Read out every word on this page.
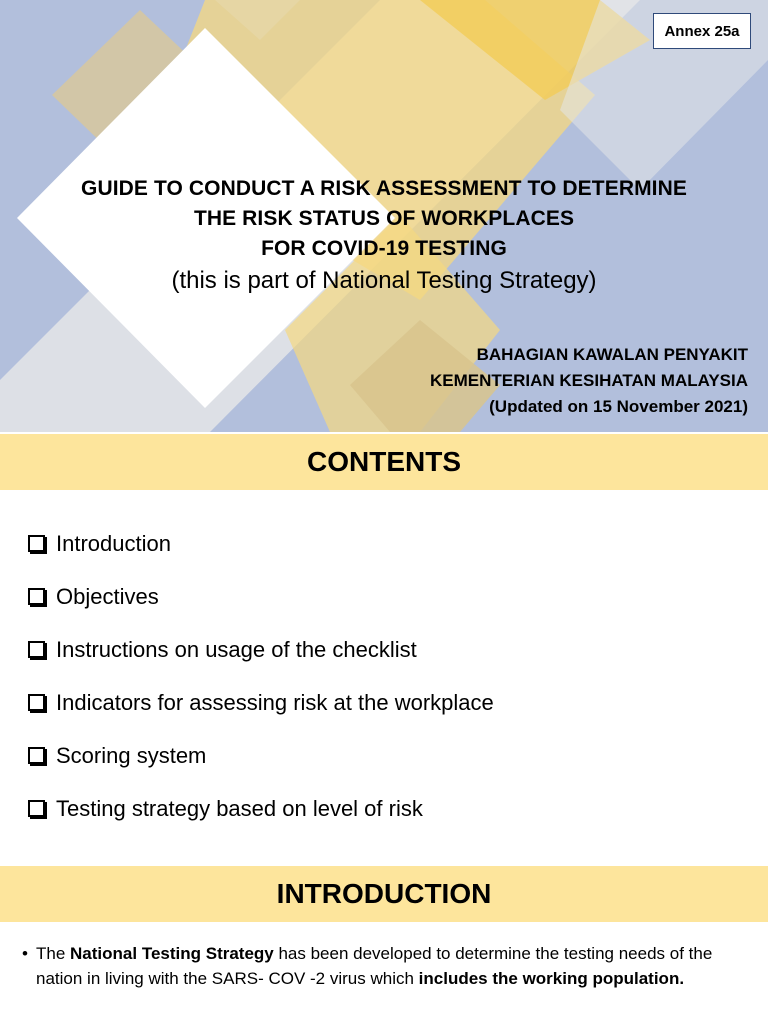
Annex 25a
GUIDE TO CONDUCT A RISK ASSESSMENT TO DETERMINE
THE RISK STATUS OF WORKPLACES
FOR COVID-19 TESTING
(this is part of National Testing Strategy)
BAHAGIAN KAWALAN PENYAKIT
KEMENTERIAN KESIHATAN MALAYSIA
(Updated on 15 November 2021)
CONTENTS
Introduction
Objectives
Instructions on usage of the checklist
Indicators for assessing risk at the workplace
Scoring system
Testing strategy based on level of risk
INTRODUCTION
• The National Testing Strategy has been developed to determine the testing needs of the nation in living with the SARS- COV -2 virus which includes the working population.
